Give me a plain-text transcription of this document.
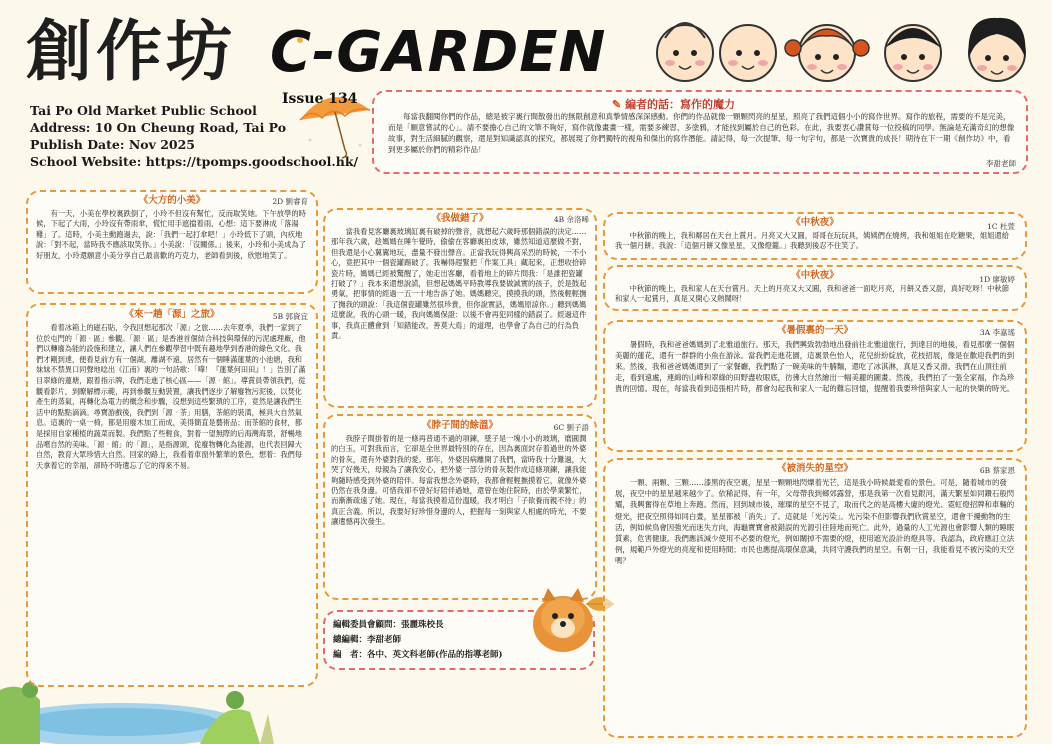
創作坊 C-GARDEN
Issue 134
Tai Po Old Market Public School
Address: 10 On Cheung Road, Tai Po
Publish Date: Nov 2025
School Website: https://tpomps.goodschool.hk/
✎ 編者的話：寫作的魔力
每當我翻閱你們的作品，總是被字裏行間散發出的無限創意和真摯情感深深感動。你們的作品就像一顆顆閃亮的星星，照亮了我們這個小小的寫作世界。寫作的旅程，需要的不是完美，而是「願意嘗試的心」。請不要擔心自己的文筆不夠好，寫作就像畫畫一樣，需要多練習、多塗鴉，才能找到屬於自己的色彩。在此，我要衷心讚賞每一位投稿的同學。無論是充滿奇幻的想像故事，對生活細膩的觀察，還是對知識認真的探究，都展現了你們獨特的視角和傑出的寫作潛能。請記得，每一次提筆、每一句字句，都是一次寶貴的成長！期待在下一期《創作坊》中，看到更多屬於你們的精彩作品！
李甜老師
《大方的小美》	2D 劉睿育
有一天，小美在學校裏跌倒了，小玲不但沒有幫忙，反而取笑她。下午放學的時候，下起了大雨，小玲沒有帶雨傘，慌忙用手遮擋着雨，心想：這下要淋成「落湯雞」了。這時，小美主動跑過去，說：「我們一起打傘吧！」小玲低下了頭，內疚地說：「對不起，當時我不應該取笑你。」小美說：「沒關係。」後來，小玲和小美成為了好朋友，小玲還願意小美分享自己最喜歡的巧克力，老師看到後，欣慰地笑了。
《來一趟「源」之旅》	5B 郭資宜
看着冰箱上的磁石貼，令我回想起那次「源」之旅……去年夏季，我們一家到了位於屯門的「源‧區」參觀。「源‧區」是香港首個結合科技與環保的污泥處理廠，他們以轉廢為能的設施和建立，讓人們在參觀學習中既有趣地學到香港的綠色文化。我們才剛到達，便看見前方有一個湖，離湖不遠，居然有一個睡滿蓮葉的小池塘，我和妹妹不禁異口同聲地唸出《江南》裏的一句詩歌：「嘩！『蓮葉何田田』！」告別了滿目翠綠的蓮塘，跟着指示牌，我們走進了核心區——「源‧館」。導賞員帶領我們，從觀看影片，到瞭解標示範，再到參觀互動裝置，讓我們逐步了解廢物污泥後，以焚化產生的蒸氣，再轉化為電力的概念和步驟，沒想到這些繁瑣的工序，竟然是讓我們生活中的點點滴滴。尋寶游戲後，我們到「源‧茶」用膳，茶館的裝潢，極具大自然氣息。這裏的一桌一椅，都是用廢木加工而成，美得簡直是藝術品；而茶館的食材，都是採用自家種植的蔬菜而製。我們點了些輕食，對着一望無際的后海灣海景，舒暢地品嚐自然的美味。「源‧館」的「源」，是指源頭，從廢物轉化為能源，也代表回歸大自然，教育大眾珍惜大自然。回家的路上，我看着車窗外繁華的景色，想着：我們每天拿着它的幸福，卻時不時遺忘了它的得來不易。
《我做錯了》	4B 余洛晞
當我看見客廳裏玻璃缸裏有破掉的聲音，就想起六歲時那個錯誤的決定……那年我六歲，趁媽媽在睡午覺時，偷偷在客廳裏拍皮球，雖然知道這麼做不對，但我還是小心翼翼地玩，盡量不發出聲音。正當我玩得興高采烈的時候，一不小心，竟把其中一個瓷罐踢破了。我嚇得趕緊把「作案工具」藏起來，正想收拾碎瓷片時，媽媽已經被驚醒了，她走出客廳，看着地上的碎片問我：「是誰把瓷罐打破了？」我本來還想說謊，但想起媽媽平時教導我要做誠實的孩子，於是鼓起勇氣，把事情的經過一五一十地告訴了她。媽媽聽完，摸摸我的頭，然後輕輕撫了撫我的頭說：「我這個瓷罐雖然很珍貴，但你說實話，媽媽原諒你。」聽到媽媽這麼說，我的心頭一暖，我向媽媽保證：以後不會再犯同樣的錯誤了。經過這件事，我真正體會到「知錯能改，善莫大焉」的道理，也學會了為自己的行為負責。
《脖子間的餘溫》	6C 劉子語
我脖子間掛着的是一條再普通不過的項鍊，墜子是一塊小小的玻璃，磨圓潤的白玉，可對我而言，它卻是全世界最特別的存在，因為裏面封存着過世的外婆的骨灰，還有外婆對我的愛。那年，外婆因病離開了我們，當時我十分難過，大哭了好幾天，母親為了讓我安心，把外婆一部分的骨灰製作成這條項鍊，讓我能夠隨時感受到外婆的陪伴。每當我想念外婆時，我都會輕輕撫摸着它，就像外婆仍然在我身邊。可惜我卻不曾好好陪伴過她，還曾在她住院時，由於學業繁忙，而漸漸疏遠了她。現在，每當我摸着這份溫暖，我才明白「子欲養而親不待」的真正含義。所以，我要好好珍惜身邊的人，把握每一刻與家人相處的時光，不要讓遺憾再次發生。
編輯委員會顧問：張麗珠校長
總編輯：李甜老師
編　者：各中、英文科老師(作品的指導老師)
《中秋夜》	1C 杜萱
中秋節的晚上，我和鄰居在天台上賞月。月亮又大又圓，哥哥在玩玩具，姨姨們在燒烤，我和姐姐在吃糖果，姐姐還給我一個月餅。我說：「這個月餅又像星星，又像燈籠。」我聽到後忍不住笑了。
《中秋夜》	1D 廖敏婷
中秋節的晚上，我和家人在天台賞月。天上的月亮又大又圓，我和爸爸一面吃月亮，月餅又香又甜，真好吃呀！中秋節和家人一起賞月，真是又開心又熱鬧呀！
《暑假裏的一天》	3A 李嘉瑤
暑假時，我和爸爸媽媽到了北雅道旅行。那天，我們興致勃勃地出發前往北雅道旅行，到達目的地後，看見那麼一個個美麗的蓮花，還有一群群的小魚在游泳。當我們走進花園，這裏景色怡人，花兒紛紛綻放，花枝招展，像是在歡迎我們的到來。然後，我和爸爸媽媽還到了一家餐廳，我們點了一碗美味的牛腩麵，還吃了冰淇淋，真是又香又滑。我們在山頂往前走，看到遠處，連綿的山峰和翠綠的田野盡收眼底，彷彿大自然繪出一幅美麗的圖畫。然後，我們拍了一張全家福，作為珍貴的回憶。現在，每當我看到這張相片時，都會勾起我和家人一起的難忘回憶，提醒着我要珍惜與家人一起的快樂的時光。
《被消失的星空》	6B 蔡家恩
一顆、兩顆、三顆……漆黑的夜空裏，星星一顆顆地閃爍着光芒，這是我小時候最愛看的景色。可是，隨着城市的發展，夜空中的星星越來越少了。依稀記得，有一年，父母帶我到鄉郊露營，那是我第一次看見銀河，滿天繁星如同鑽石般閃耀，我興奮得在草地上奔跑。然而，回到城市後，璀璨的星空不見了，取而代之的是高樓大廈的燈光、霓虹燈招牌和車輛的燈光，把夜空照得如同白晝，星星都被「消失」了。這就是「光污染」。光污染不但影響我們欣賞星空，還會干擾動物的生活，例如候鳥會因強光而迷失方向，海龜寶寶會被錯誤的光源引往陸地而死亡。此外，過量的人工光源也會影響人類的睡眠質素，危害健康。我們應該減少使用不必要的燈光，例如關掉不需要的燈，使用遮光設計的燈具等。我認為，政府應訂立法例，規範戶外燈光的亮度和使用時間；市民也應提高環保意識，共同守護我們的星空。有朝一日，我能看見不被污染的天空嗎？
